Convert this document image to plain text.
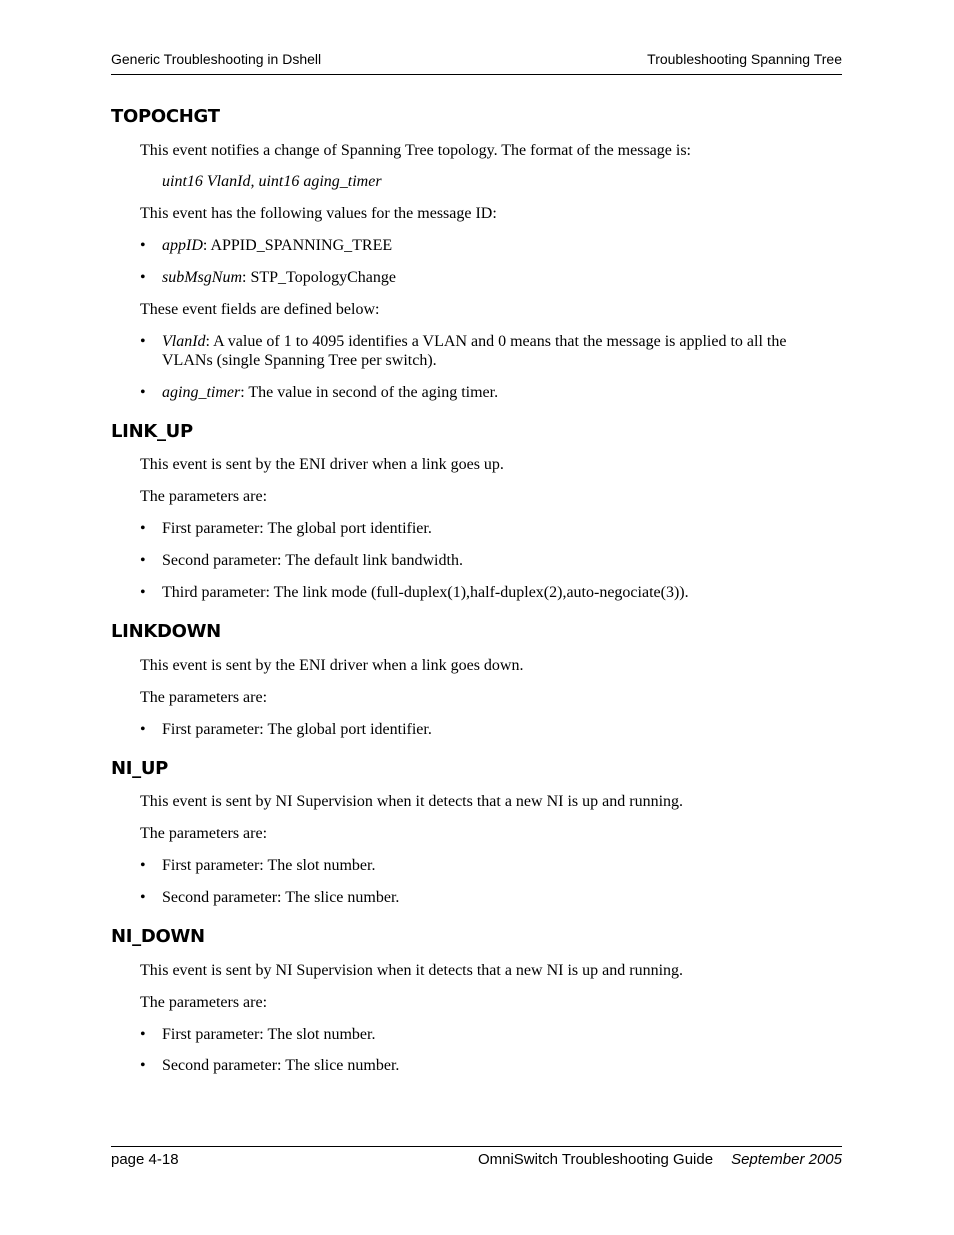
Generic Troubleshooting in Dshell	Troubleshooting Spanning Tree
TOPOCHGT

This event notifies a change of Spanning Tree topology. The format of the message is:

uint16 VlanId, uint16 aging_timer

This event has the following values for the message ID:

• appID: APPID_SPANNING_TREE
• subMsgNum: STP_TopologyChange

These event fields are defined below:

• VlanId: A value of 1 to 4095 identifies a VLAN and 0 means that the message is applied to all the VLANs (single Spanning Tree per switch).
• aging_timer: The value in second of the aging timer.
LINK_UP

This event is sent by the ENI driver when a link goes up.

The parameters are:

• First parameter: The global port identifier.
• Second parameter: The default link bandwidth.
• Third parameter: The link mode (full-duplex(1),half-duplex(2),auto-negociate(3)).
LINKDOWN

This event is sent by the ENI driver when a link goes down.

The parameters are:

• First parameter: The global port identifier.
NI_UP

This event is sent by NI Supervision when it detects that a new NI is up and running.

The parameters are:

• First parameter: The slot number.
• Second parameter: The slice number.
NI_DOWN

This event is sent by NI Supervision when it detects that a new NI is up and running.

The parameters are:

• First parameter: The slot number.
• Second parameter: The slice number.
page 4-18	OmniSwitch Troubleshooting Guide September 2005
